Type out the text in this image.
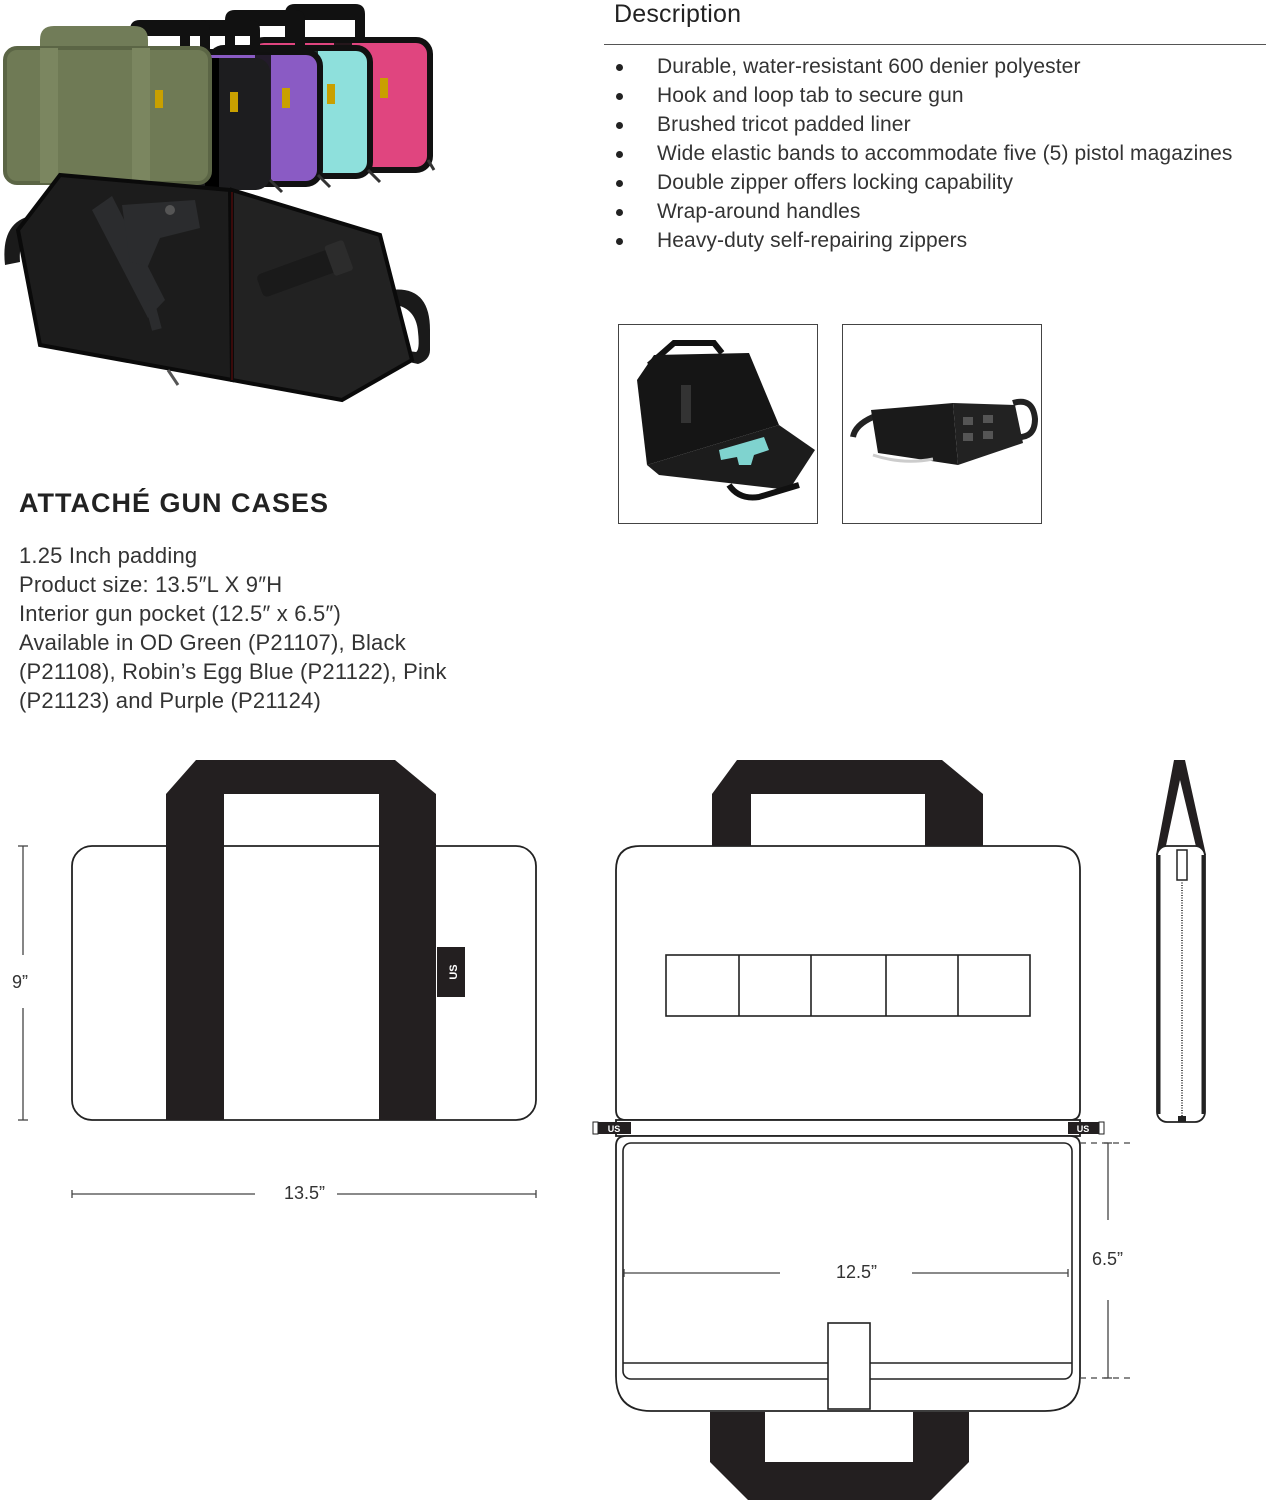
Description
Durable, water-resistant 600 denier polyester
Hook and loop tab to secure gun
Brushed tricot padded liner
Wide elastic bands to accommodate five (5) pistol magazines
Double zipper offers locking capability
Wrap-around handles
Heavy-duty self-repairing zippers
ATTACHÉ GUN CASES
1.25 Inch padding
Product size: 13.5″L X 9″H
Interior gun pocket (12.5″ x 6.5″)
Available in OD Green (P21107), Black
(P21108), Robin’s Egg Blue (P21122), Pink
(P21123) and Purple (P21124)
US
9”
13.5”
US	US
12.5”
6.5”
